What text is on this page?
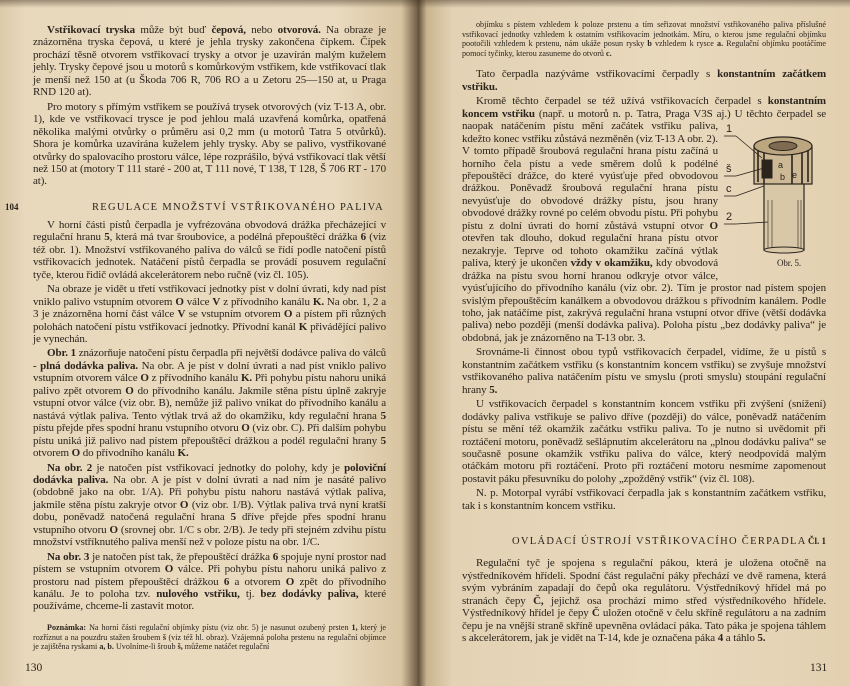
Vstřikovací tryska může být buď čepová, nebo otvorová. Na obraze je znázorněna tryska čepová, u které je jehla trysky zakončena čípkem. Čípek prochází těsně otvorem vstřikovací trysky a otvor je uzavírán malým kuželem jehly. Trysky čepové jsou u motorů s komůrkovým vstřikem, kde vstřikovací tlak je menší než 150 at (u Škoda 706 R, 706 RO a u Zetoru 25—150 at, u Praga RND 120 at).

Pro motory s přímým vstřikem se používá trysek otvorových (viz T-13 A, obr. 1), kde ve vstřikovací trysce je pod jehlou malá uzavřená komůrka, opatřená několika malými otvůrky o průměru asi 0,2 mm (u motorů Tatra 5 otvůrků). Shora je komůrka uzavírána kuželem jehly trysky. Aby se palivo, vystřikované otvůrky do spalovacího prostoru válce, lépe rozprášilo, bývá vstřikovací tlak větší než 150 at (motory T 111 staré - 200 at, T 111 nové, T 138, T 128, Š 706 RT - 170 at).

104	REGULACE MNOŽSTVÍ VSTŘIKOVANÉHO PALIVA

V horní části pístů čerpadla je vyfrézována obvodová drážka přecházející v regulační hranu 5, která má tvar šroubovice, a podélná přepouštěcí drážka 6 (viz též obr. 1). Množství vstřikovaného paliva do válců se řídí podle natočení pístů vstřikovacích jednotek. Natáčení pístů čerpadla se provádí posuvem regulační tyče, kterou řidič ovládá akcelerátorem nebo ručně (viz čl. 105).

Na obraze je vidět u třetí vstřikovací jednotky píst v dolní úvrati, kdy nad píst vniklo palivo vstupním otvorem O válce V z přívodního kanálu K. Na obr. 1, 2 a 3 je znázorněna horní část válce V se vstupním otvorem O a pístem při různých polohách natočení pístu vstřikovací jednotky. Přívodní kanál K přivádějící palivo je vynechán.

Obr. 1 znázorňuje natočení pístu čerpadla při největší dodávce paliva do válců - plná dodávka paliva. Na obr. A je píst v dolní úvrati a nad píst vniklo palivo vstupním otvorem válce O z přívodního kanálu K. Při pohybu pístu nahoru uniká palivo zpět otvorem O do přívodního kanálu. Jakmile stěna pístu úplně zakryje vstupní otvor válce (viz obr. B), nemůže již palivo vnikat do přívodního kanálu a nastává výtlak paliva. Tento výtlak trvá až do okamžiku, kdy regulační hrana 5 pístu přejde přes spodní hranu vstupního otvoru O (viz obr. C). Při dalším pohybu pístu uniká již palivo nad pístem přepouštěcí drážkou a podél regulační hrany 5 otvorem O do přívodního kanálu K.

Na obr. 2 je natočen píst vstřikovací jednotky do polohy, kdy je poloviční dodávka paliva. Na obr. A je píst v dolní úvrati a nad ním je nasáté palivo (obdobně jako na obr. 1/A). Při pohybu pístu nahoru nastává výtlak paliva, jakmile stěna pístu zakryje otvor O (viz obr. 1/B). Výtlak paliva trvá nyní kratší dobu, poněvadž natočená regulační hrana 5 dříve přejde přes spodní hranu vstupního otvoru O (srovnej obr. 1/C s obr. 2/B). Je tedy při stejném zdvihu pístu množství vstříknutého paliva menší než v poloze pístu na obr. 1/C.

Na obr. 3 je natočen píst tak, že přepouštěcí drážka 6 spojuje nyní prostor nad pístem se vstupním otvorem O válce. Při pohybu pístu nahoru uniká palivo z prostoru nad pístem přepouštěcí drážkou 6 a otvorem O zpět do přívodního kanálu. Je to poloha tzv. nulového vstřiku, tj. bez dodávky paliva, které používáme, chceme-li zastavit motor.

Poznámka: Na horní části regulační objímky pístu (viz obr. 5) je nasunut ozubený prsten 1, který je rozříznut a na pouzdru stažen šroubem š (viz též hl. obraz). Vzájemná poloha prstenu na regulační objímce je zajištěna ryskami a, b. Uvolníme-li šroub š, můžeme natáčet regulační

130

objímku s pístem vzhledem k poloze prstenu a tím seřizovat množství vstřikovaného paliva příslušné vstřikovací jednotky vzhledem k ostatním vstřikovacím jednotkám. Míru, o kterou jsme regulační objímku pootočili vzhledem k prstenu, nám ukáže posun rysky b vzhledem k rysce a. Regulační objímku pootáčíme pomocí tyčinky, kterou zasuneme do otvorů c.

Tato čerpadla nazýváme vstřikovacími čerpadly s konstantním začátkem vstřiku.

1
š
c
2
a
b e
Obr. 5.
Kromě těchto čerpadel se též užívá vstřikovacích čerpadel s konstantním koncem vstřiku (např. u motorů n. p. Tatra, Praga V3S aj.) U těchto čerpadel se naopak natáčením pístu mění začátek vstřiku paliva, kdežto konec vstřiku zůstává nezměněn (viz T-13 A obr. 2). V tomto případě šroubová regulační hrana pístu začíná u horního čela pístu a vede směrem dolů k podélné přepouštěcí drážce, do které vyúsťuje před obvodovou drážkou. Poněvadž šroubová regulační hrana pístu nevyúsťuje do obvodové drážky pístu, jsou hrany obvodové drážky rovné po celém obvodu pístu. Při pohybu pístu z dolní úvrati do horní zůstává vstupní otvor O otevřen tak dlouho, dokud regulační hrana pístu otvor nezakryje. Teprve od tohoto okamžiku začíná výtlak paliva, který je ukončen vždy v okamžiku, kdy obvodová drážka na pístu svou horní hranou odkryje otvor válce, vyúsťujícího do přívodního kanálu (viz obr. 2). Tím je prostor nad pístem spojen svislým přepouštěcím kanálkem a obvodovou drážkou s přívodním kanálem. Podle toho, jak natáčíme píst, zakrývá regulační hrana vstupní otvor dříve (větší dodávka paliva) nebo později (menší dodávka paliva). Poloha pístu „bez dodávky paliva“ je obdobná, jak je znázorněno na T-13 obr. 3.

Srovnáme-li činnost obou typů vstřikovacích čerpadel, vidíme, že u pístů s konstantním začátkem vstřiku (s konstantním koncem vstřiku) se zvyšuje množství vstřikovaného paliva natáčením pístu ve smyslu (proti smyslu) stoupání regulační hrany 5.

U vstřikovacích čerpadel s konstantním koncem vstřiku při zvýšení (snížení) dodávky paliva vstřikuje se palivo dříve (později) do válce, poněvadž natáčením pístu se mění též okamžik začátku vstřiku paliva. To je nutno si uvědomit při roztáčení motoru, poněvadž sešlápnutím akcelerátoru na „plnou dodávku paliva“ se současně posune okamžik vstřiku paliva do válce, který neodpovídá malým otáčkám motoru při roztáčení. Proto při roztáčení motoru nesmíme zapomenout postavit páku přesuvníku do polohy „zpožděný vstřik“ (viz čl. 108).

N. p. Motorpal vyrábí vstřikovací čerpadla jak s konstantním začátkem vstřiku, tak i s konstantním koncem vstřiku.

OVLÁDACÍ ÚSTROJÍ VSTŘIKOVACÍHO ČERPADLA Čl. 1

Regulační tyč je spojena s regulační pákou, která je uložena otočně na výstředníkovém hřídeli. Spodní část regulační páky přechází ve dvě ramena, která svým vybráním zapadají do čepů oka regulátoru. Výstředníkový hřídel má po stranách čepy Č, jejichž osa prochází mimo střed výstředníkového hřídele. Výstředníkový hřídel je čepy Č uložen otočně v čelu skříně regulátoru a na zadním čepu je na vnější straně skříně upevněna ovládací páka. Tato páka je spojena táhlem s akcelerátorem, jak je vidět na T-14, kde je označena páka 4 a táhlo 5.

131
